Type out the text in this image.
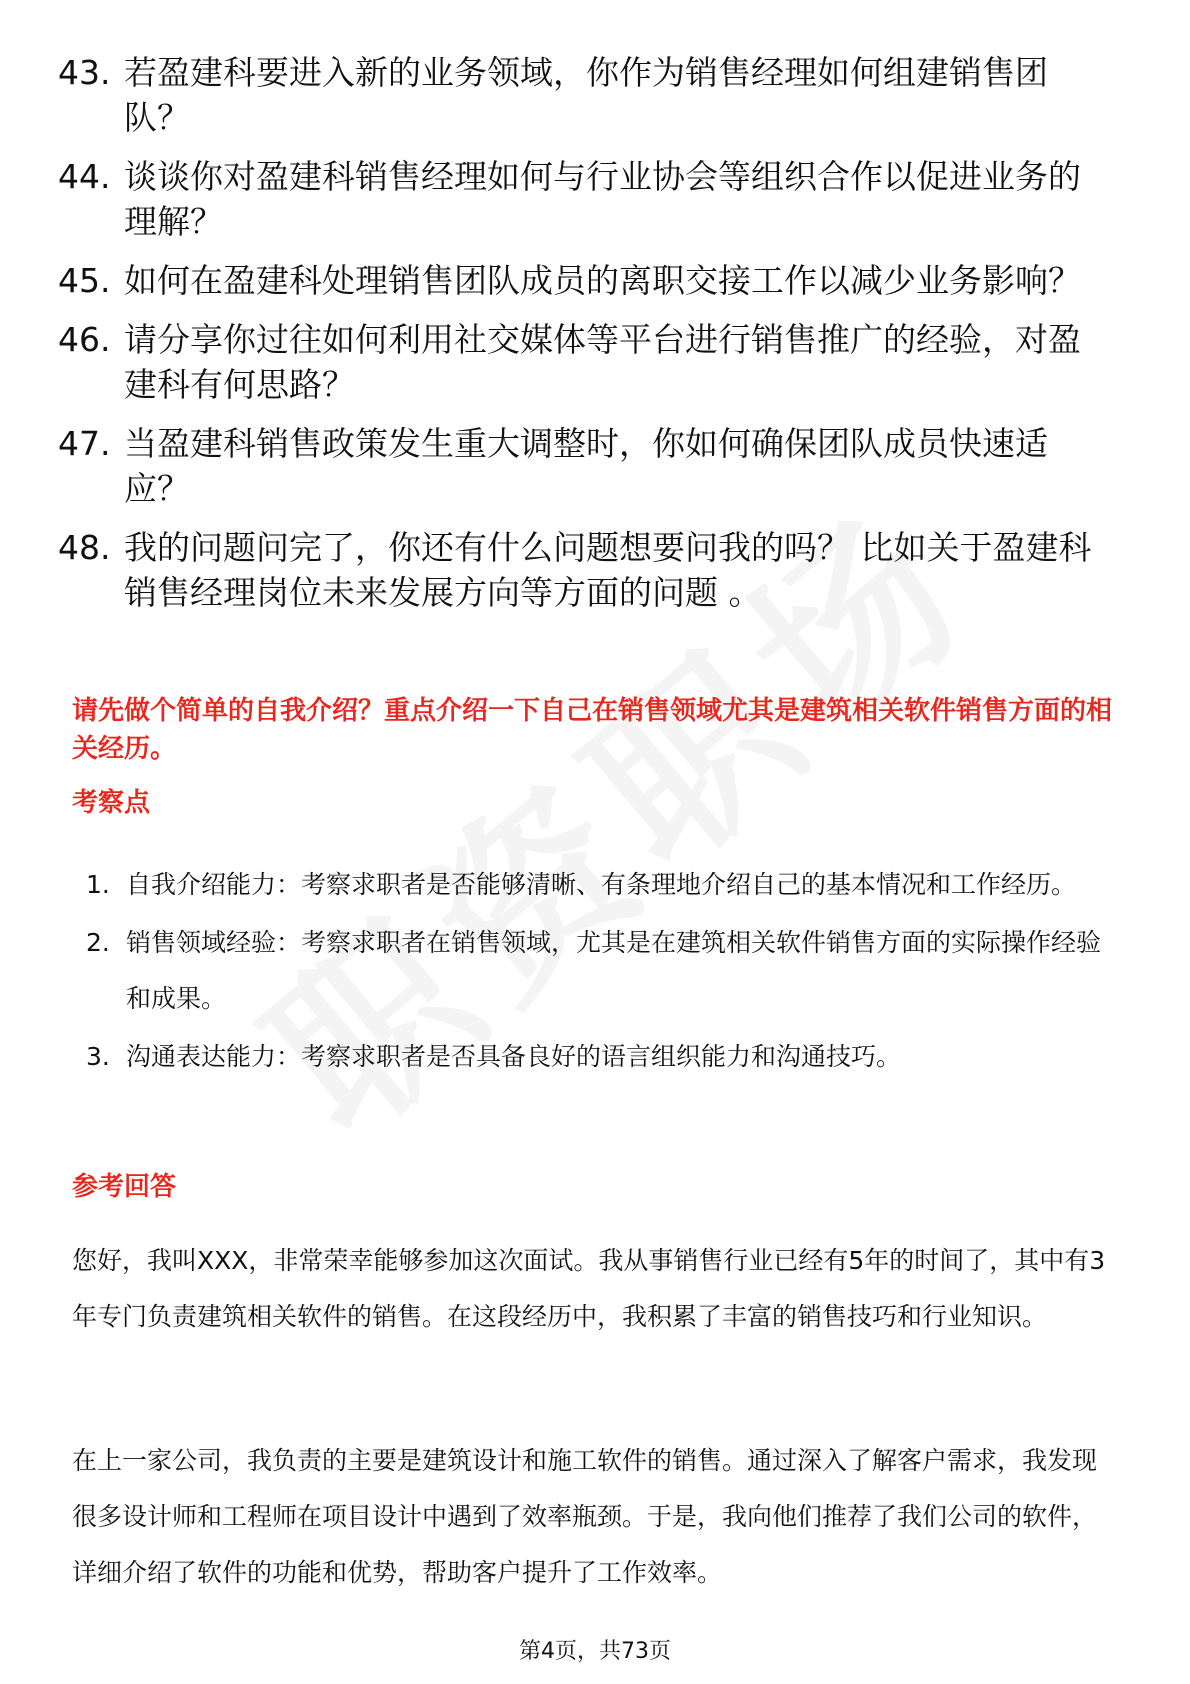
43. 若盈建科要进入新的业务领域，你作为销售经理如何组建销售团队？
44. 谈谈你对盈建科销售经理如何与行业协会等组织合作以促进业务的理解？
45. 如何在盈建科处理销售团队成员的离职交接工作以减少业务影响？
46. 请分享你过往如何利用社交媒体等平台进行销售推广的经验，对盈建科有何思路？
47. 当盈建科销售政策发生重大调整时，你如何确保团队成员快速适应？
48. 我的问题问完了，你还有什么问题想要问我的吗？ 比如关于盈建科销售经理岗位未来发展方向等方面的问题 。

请先做个简单的自我介绍？重点介绍一下自己在销售领域尤其是建筑相关软件销售方面的相关经历。

考察点
1. 自我介绍能力：考察求职者是否能够清晰、有条理地介绍自己的基本情况和工作经历。
2. 销售领域经验：考察求职者在销售领域，尤其是在建筑相关软件销售方面的实际操作经验和成果。
3. 沟通表达能力：考察求职者是否具备良好的语言组织能力和沟通技巧。
参考回答

您好，我叫XXX，非常荣幸能够参加这次面试。我从事销售行业已经有5年的时间了，其中有3年专门负责建筑相关软件的销售。在这段经历中，我积累了丰富的销售技巧和行业知识。

在上一家公司，我负责的主要是建筑设计和施工软件的销售。通过深入了解客户需求，我发现很多设计师和工程师在项目设计中遇到了效率瓶颈。于是，我向他们推荐了我们公司的软件，详细介绍了软件的功能和优势，帮助客户提升了工作效率。

第4页，共73页
